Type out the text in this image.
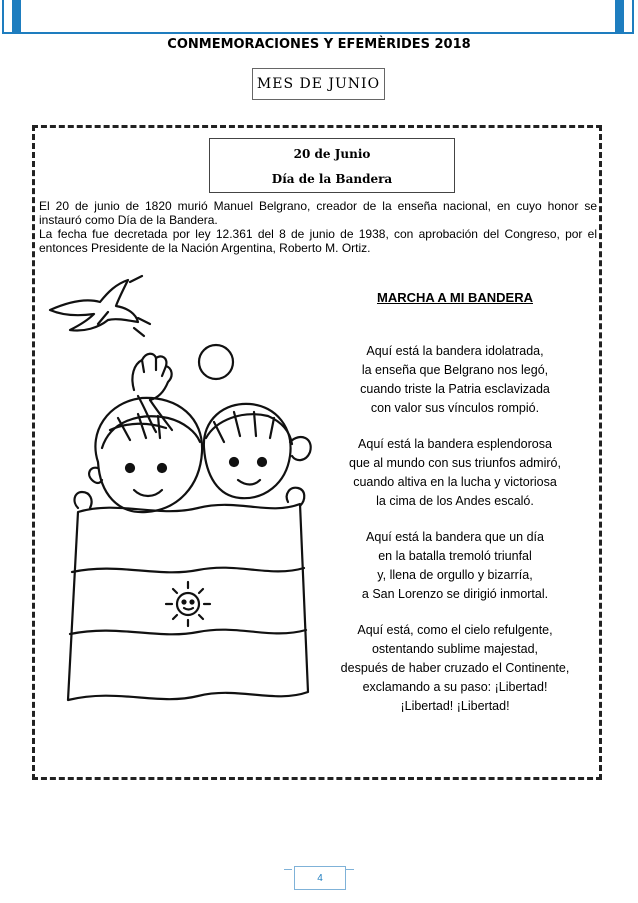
CONMEMORACIONES Y EFEMÈRIDES 2018
MES DE JUNIO
20 de Junio
Día de la Bandera

El 20 de junio de 1820 murió Manuel Belgrano, creador de la enseña nacional, en cuyo honor se instauró como Día de la Bandera.

La fecha fue decretada por ley 12.361 del 8 de junio de 1938, con aprobación del Congreso, por el entonces Presidente de la Nación Argentina, Roberto M. Ortiz.

MARCHA A MI BANDERA
Aquí está la bandera idolatrada,
la enseña que Belgrano nos legó,
cuando triste la Patria esclavizada
con valor sus vínculos rompió.
Aquí está la bandera esplendorosa
que al mundo con sus triunfos admiró,
cuando altiva en la lucha y victoriosa
la cima de los Andes escaló.
Aquí está la bandera que un día
en la batalla tremoló triunfal
y, llena de orgullo y bizarría,
a San Lorenzo se dirigió inmortal.
Aquí está, como el cielo refulgente,
ostentando sublime majestad,
después de haber cruzado el Continente,
exclamando a su paso: ¡Libertad!
¡Libertad! ¡Libertad!
4
